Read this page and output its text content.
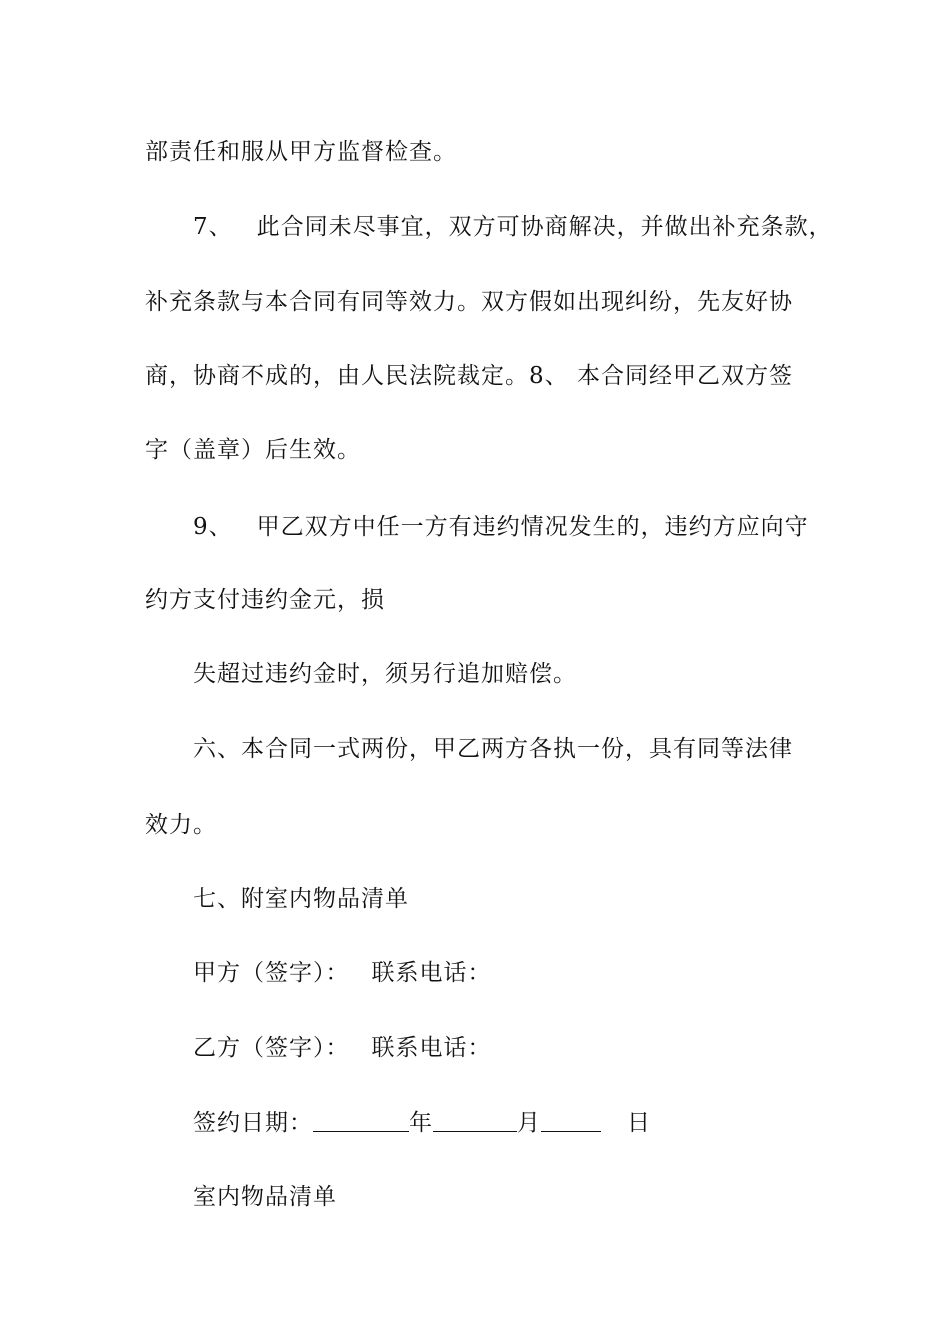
部责任和服从甲方监督检查。
7、 此合同未尽事宜，双方可协商解决，并做出补充条款，
补充条款与本合同有同等效力。双方假如出现纠纷，先友好协
商，协商不成的，由人民法院裁定。8、 本合同经甲乙双方签
字（盖章）后生效。
9、 甲乙双方中任一方有违约情况发生的，违约方应向守
约方支付违约金元，损
失超过违约金时，须另行追加赔偿。
六、本合同一式两份，甲乙两方各执一份，具有同等法律
效力。
七、附室内物品清单
甲方（签字）： 联系电话：
乙方（签字）： 联系电话：
签约日期：	年	月	日
室内物品清单
